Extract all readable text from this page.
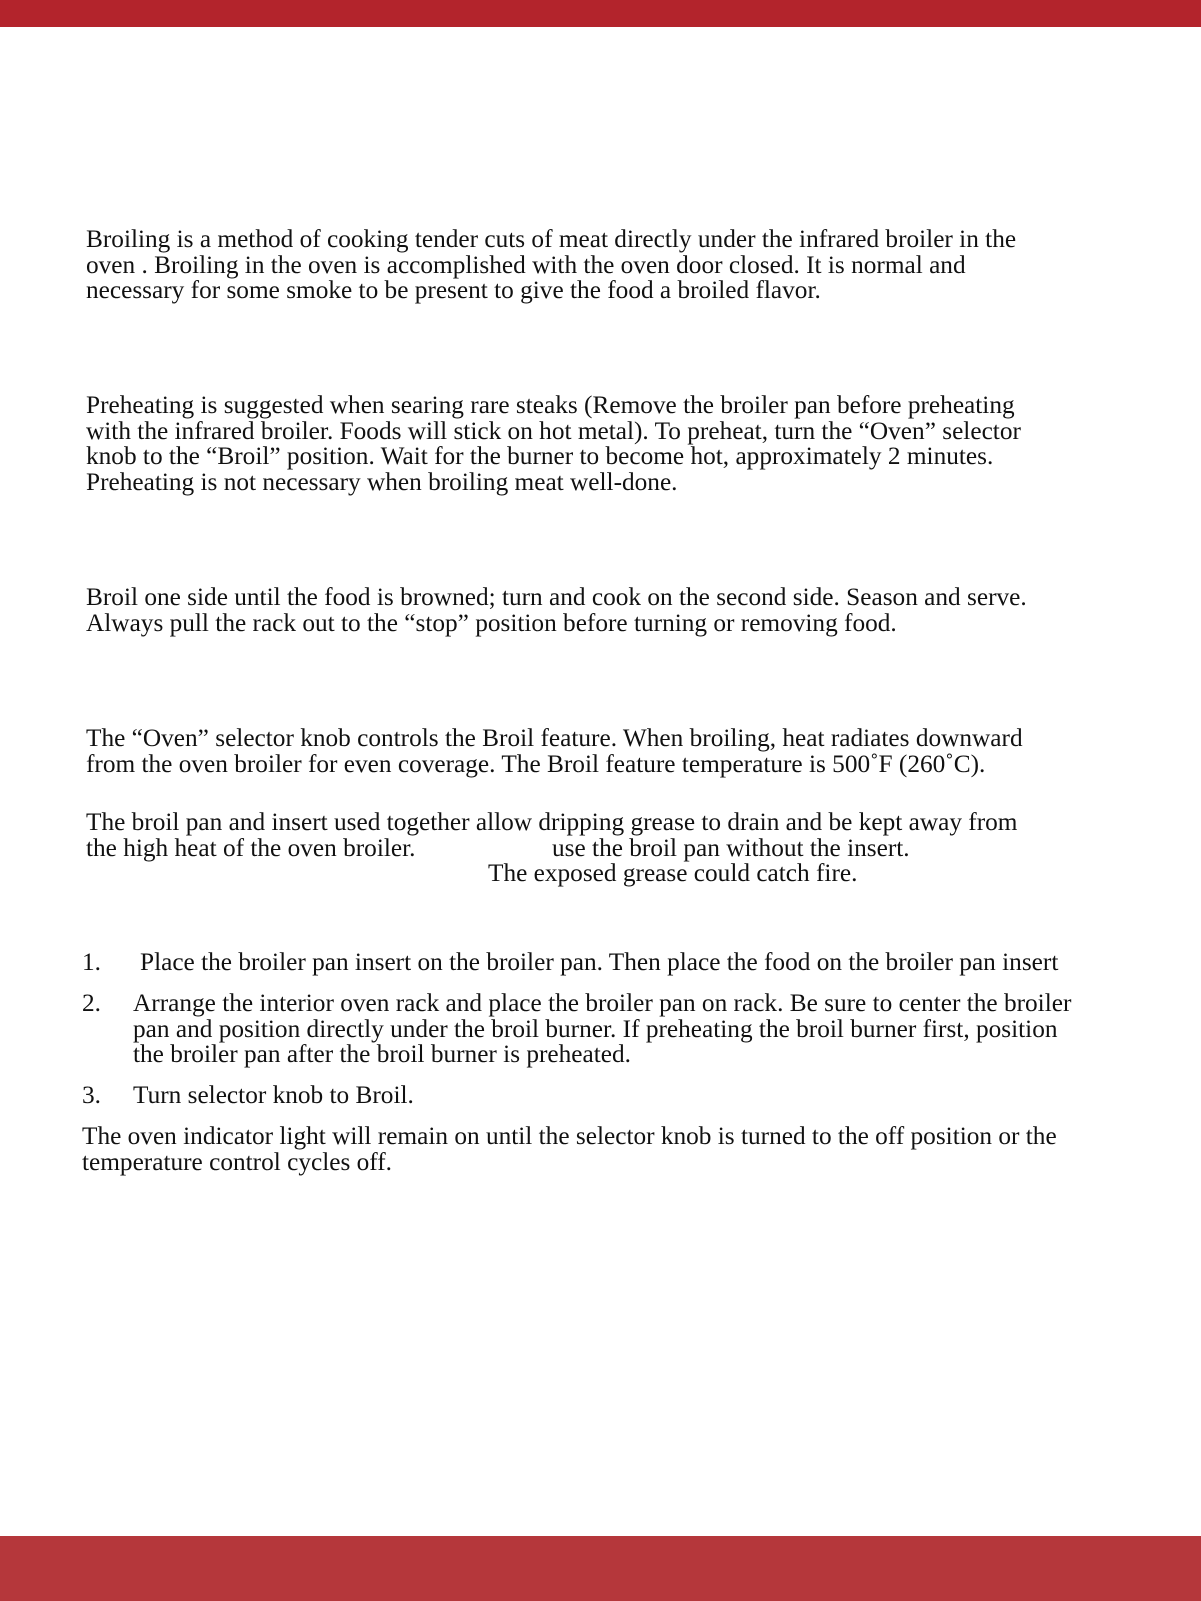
Broiling is a method of cooking tender cuts of meat directly under the infrared broiler in the
oven . Broiling in the oven is accomplished with the oven door closed. It is normal and
necessary for some smoke to be present to give the food a broiled flavor.
Preheating is suggested when searing rare steaks (Remove the broiler pan before preheating
with the infrared broiler. Foods will stick on hot metal). To preheat, turn the “Oven” selector
knob to the “Broil” position. Wait for the burner to become hot, approximately 2 minutes.
Preheating is not necessary when broiling meat well-done.
Broil one side until the food is browned; turn and cook on the second side. Season and serve.
Always pull the rack out to the “stop” position before turning or removing food.
The “Oven” selector knob controls the Broil feature. When broiling, heat radiates downward
from the oven broiler for even coverage. The Broil feature temperature is 500˚F (260˚C).
The broil pan and insert used together allow dripping grease to drain and be kept away from
the high heat of the oven broiler.	use the broil pan without the insert.
The exposed grease could catch fire.
1. Place the broiler pan insert on the broiler pan. Then place the food on the broiler pan insert
2. Arrange the interior oven rack and place the broiler pan on rack. Be sure to center the broiler
pan and position directly under the broil burner. If preheating the broil burner first, position
the broiler pan after the broil burner is preheated.
3. Turn selector knob to Broil.
The oven indicator light will remain on until the selector knob is turned to the off position or the
temperature control cycles off.
